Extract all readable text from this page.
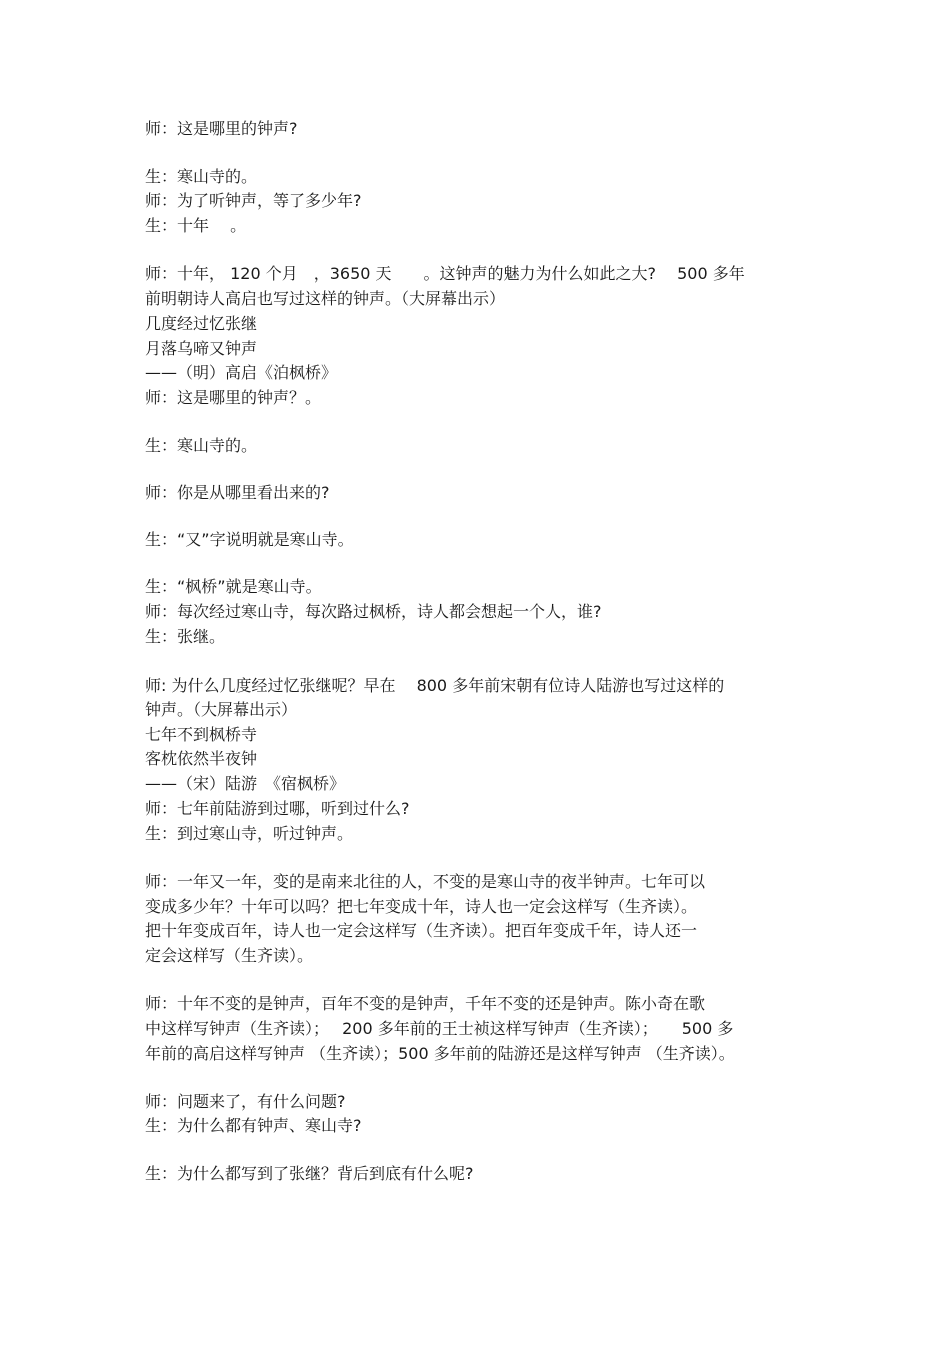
师：这是哪里的钟声?
生：寒山寺的。
师：为了听钟声，等了多少年?
生：十年　 。
师：十年， 120 个月　，3650 天　　。这钟声的魅力为什么如此之大?　 500 多年
前明朝诗人高启也写过这样的钟声。（大屏幕出示）
几度经过忆张继
月落乌啼又钟声
——（明）高启《泊枫桥》
师：这是哪里的钟声？。
生：寒山寺的。
师：你是从哪里看出来的?
生：“又”字说明就是寒山寺。
生：“枫桥”就是寒山寺。
师：每次经过寒山寺，每次路过枫桥，诗人都会想起一个人，谁?
生：张继。
师: 为什么几度经过忆张继呢？早在　 800 多年前宋朝有位诗人陆游也写过这样的
钟声。（大屏幕出示）
七年不到枫桥寺
客枕依然半夜钟
——（宋）陆游　《宿枫桥》
师：七年前陆游到过哪，听到过什么?
生：到过寒山寺，听过钟声。
师：一年又一年，变的是南来北往的人，不变的是寒山寺的夜半钟声。七年可以
变成多少年？十年可以吗？把七年变成十年，诗人也一定会这样写（生齐读）。
把十年变成百年，诗人也一定会这样写（生齐读）。把百年变成千年，诗人还一
定会这样写（生齐读）。
师：十年不变的是钟声，百年不变的是钟声，千年不变的还是钟声。陈小奇在歌
中这样写钟声（生齐读）；　 200 多年前的王士祯这样写钟声（生齐读）；　　500 多
年前的高启这样写钟声 （生齐读）；500 多年前的陆游还是这样写钟声 （生齐读）。
师：问题来了，有什么问题?
生：为什么都有钟声、寒山寺?
生：为什么都写到了张继？背后到底有什么呢?
